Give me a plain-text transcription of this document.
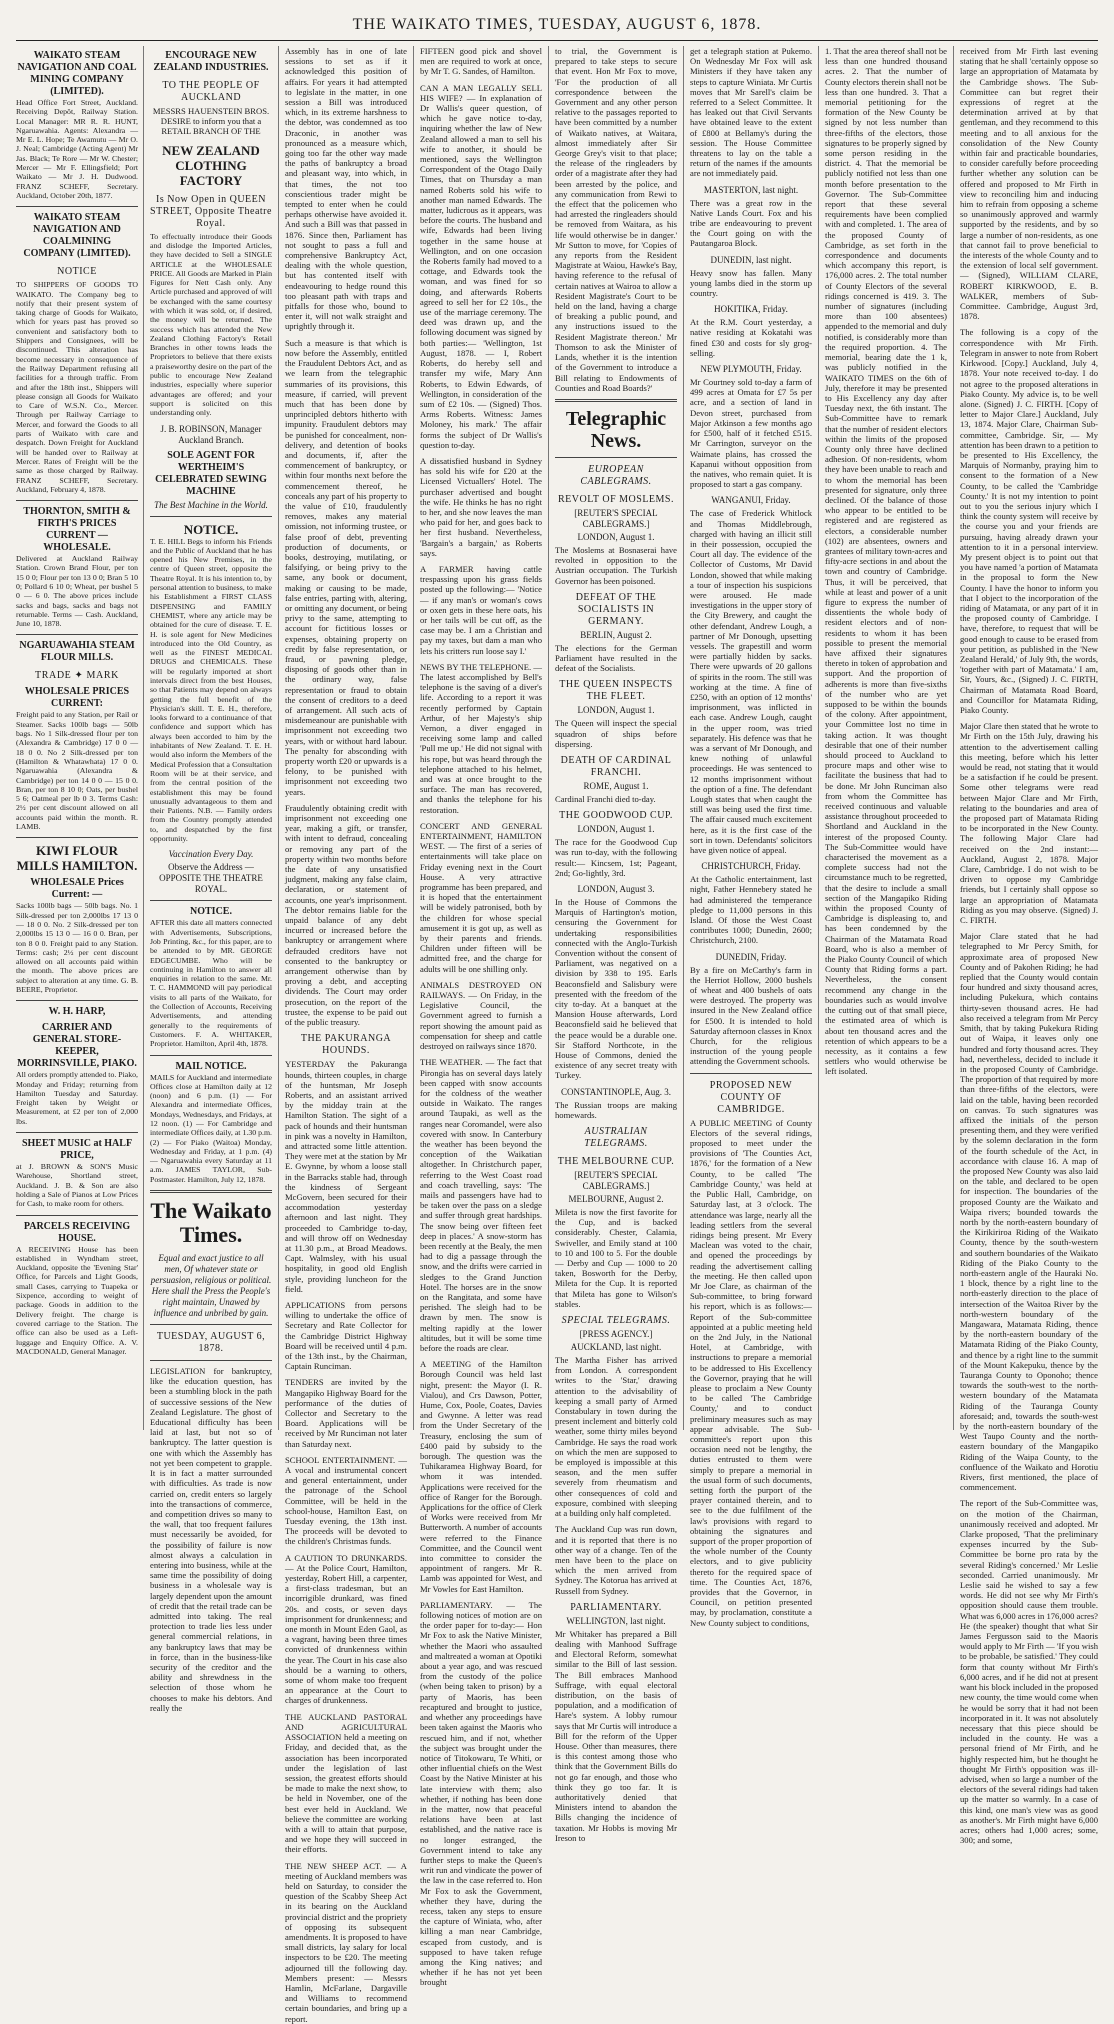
THE WAIKATO TIMES, TUESDAY, AUGUST 6, 1878.
WAIKATO STEAM NAVIGATION AND COAL MINING COMPANY (LIMITED).
Head Office Fort Street, Auckland. Receiving Depôt, Railway Station. Local Manager: MR R. R. HUNT, Ngaruawahia. Agents: Alexandra — Mr E. L. Hope; Te Awamutu — Mr O. J. Neal; Cambridge (Acting Agent) Mr Jas. Black; Te Rore — Mr W. Chester; Mercer — Mr F. Ellingsfield; Port Waikato — Mr J. H. Dudwood. FRANZ SCHEFF, Secretary. Auckland, October 20th, 1877.
WAIKATO STEAM NAVIGATION AND COALMINING COMPANY (LIMITED).
NOTICE
TO SHIPPERS OF GOODS TO WAIKATO. The Company beg to notify that their present system of taking charge of Goods for Waikato, which for years past has proved so convenient and satisfactory both to Shippers and Consignees, will be discontinued. This alteration has become necessary in consequence of the Railway Department refusing all facilities for a through traffic. From and after the 18th inst., Shippers will please consign all Goods for Waikato to Care of W.S.N. Co., Mercer. Through per Railway Carriage to Mercer, and forward the Goods to all parts of Waikato with care and despatch. Down Freight for Auckland will be handed over to Railway at Mercer. Rates of Freight will be the same as those charged by Railway. FRANZ SCHEFF, Secretary. Auckland, February 4, 1878.
THORNTON, SMITH & FIRTH'S PRICES CURRENT — WHOLESALE.
Delivered at Auckland Railway Station. Crown Brand Flour, per ton 15 0 0; Flour per ton 13 0 0; Bran 5 10 0; Pollard 6 10 0; Wheat, per bushel 5 0 — 6 0. The above prices include sacks and bags, sacks and bags not returnable. Terms — Cash. Auckland, June 10, 1878.
NGARUAWAHIA STEAM FLOUR MILLS.
TRADE ✦ MARK
WHOLESALE PRICES CURRENT:
Freight paid to any Station, per Rail or Steamer. Sacks 100lb bags — 50lb bags. No 1 Silk-dressed flour per ton (Alexandra & Cambridge) 17 0 0 — 18 0 0. No 2 Silk-dressed per ton (Hamilton & Whatawhata) 17 0 0. Ngaruawahia (Alexandra & Cambridge) per ton 14 0 0 — 15 0 0. Bran, per ton 8 10 0; Oats, per bushel 5 6; Oatmeal per lb 0 3. Terms Cash: 2½ per cent discount allowed on all accounts paid within the month. R. LAMB.
KIWI FLOUR MILLS HAMILTON.
WHOLESALE Prices Current: —
Sacks 100lb bags — 50lb bags. No. 1 Silk-dressed per ton 2,000lbs 17 13 0 — 18 0 0. No. 2 Silk-dressed per ton 2,000lbs 15 13 0 — 16 0 0. Bran, per ton 8 0 0. Freight paid to any Station. Terms: cash; 2½ per cent discount allowed on all accounts paid within the month. The above prices are subject to alteration at any time. G. B. BEERE, Proprietor.
W. H. HARP,
CARRIER AND GENERAL STORE-KEEPER, MORRINSVILLE, PIAKO.
All orders promptly attended to. Piako, Monday and Friday; returning from Hamilton Tuesday and Saturday. Freight taken by Weight or Measurement, at £2 per ton of 2,000 lbs.
SHEET MUSIC at HALF PRICE,
at J. BROWN & SON'S Music Warehouse, Shortland street, Auckland. J. B. & Son are also holding a Sale of Pianos at Low Prices for Cash, to make room for others.
PARCELS RECEIVING HOUSE.
A RECEIVING House has been established in Wyndham street, Auckland, opposite the 'Evening Star' Office, for Parcels and Light Goods, small Cases, carrying to Tuapeka or Sixpence, according to weight of package. Goods in addition to the Delivery freight. The charge is covered carriage to the Station. The office can also be used as a Left-luggage and Enquiry Office. A. V. MACDONALD, General Manager.
ENCOURAGE NEW ZEALAND INDUSTRIES.
TO THE PEOPLE OF AUCKLAND
MESSRS HAUENSTEIN BROS. DESIRE to inform you that a RETAIL BRANCH OF THE
NEW ZEALAND CLOTHING FACTORY
Is Now Open in QUEEN STREET, Opposite Theatre Royal.
To effectually introduce their Goods and dislodge the Imported Articles, they have decided to Sell a SINGLE ARTICLE at the WHOLESALE PRICE. All Goods are Marked in Plain Figures for Nett Cash only. Any Article purchased and approved of will be exchanged with the same courtesy with which it was sold, or, if desired, the money will be returned. The success which has attended the New Zealand Clothing Factory's Retail Branches in other towns leads the Proprietors to believe that there exists a praiseworthy desire on the part of the public to encourage New Zealand industries, especially where superior advantages are offered; and your support is solicited on this understanding only.
J. B. ROBINSON, Manager Auckland Branch.
SOLE AGENT FOR WERTHEIM'S CELEBRATED SEWING MACHINE
The Best Machine in the World.
NOTICE.
T. E. HILL Begs to inform his Friends and the Public of Auckland that he has opened his New Premises, in the centre of Queen street, opposite the Theatre Royal. It is his intention to, by personal attention to business, to make his Establishment a FIRST CLASS DISPENSING and FAMILY CHEMIST, where any article may be obtained for the cure of disease. T. E. H. is sole agent for New Medicines introduced into the Old Country, as well as the FINEST MEDICAL DRUGS and CHEMICALS. These will be regularly imported at short intervals direct from the best Houses, so that Patients may depend on always getting the full benefit of the Physician's skill. T. E. H., therefore, looks forward to a continuance of that confidence and support which has always been accorded to him by the inhabitants of New Zealand. T. E. H. would also inform the Members of the Medical Profession that a Consultation Room will be at their service, and from the central position of the establishment this may be found unusually advantageous to them and their Patients. N.B. — Family orders from the Country promptly attended to, and despatched by the first opportunity.
Vaccination Every Day.
Observe the Address — OPPOSITE THE THEATRE ROYAL.
NOTICE.
AFTER this date all matters connected with Advertisements, Subscriptions, Job Printing, &c., for this paper, are to be attended to by MR. GEORGE EDGECUMBE. Who will be continuing in Hamilton to answer all enquiries in relation to the same. Mr. T. C. HAMMOND will pay periodical visits to all parts of the Waikato, for the Collection of Accounts, Receiving Advertisements, and attending generally to the requirements of Customers. F. A. WHITAKER, Proprietor. Hamilton, April 4th, 1878.
MAIL NOTICE.
MAILS for Auckland and intermediate Offices close at Hamilton daily at 12 (noon) and 6 p.m. (1) — For Alexandra and intermediate Offices, Mondays, Wednesdays, and Fridays, at 12 noon. (1) — For Cambridge and intermediate Offices daily, at 1.30 p.m. (2) — For Piako (Waitoa) Monday, Wednesday and Friday, at 1 p.m. (4) — Ngaruawahia every Saturday at 11 a.m. JAMES TAYLOR, Sub-Postmaster. Hamilton, July 12, 1878.
The Waikato Times.
Equal and exact justice to all men, Of whatever state or persuasion, religious or political. Here shall the Press the People's right maintain, Unawed by influence and unbribed by gain.
TUESDAY, AUGUST 6, 1878.
LEGISLATION for bankruptcy, like the education question, has been a stumbling block in the path of successive sessions of the New Zealand Legislature. The ghost of Educational difficulty has been laid at last, but not so of bankruptcy. The latter question is one with which the Assembly has not yet been competent to grapple. It is in fact a matter surrounded with difficulties. As trade is now carried on, credit enters so largely into the transactions of commerce, and competition drives so many to the wall, that too frequent failures must necessarily be avoided, for the possibility of failure is now almost always a calculation in entering into business, while at the same time the possibility of doing business in a wholesale way is largely dependent upon the amount of credit that the retail trade can be admitted into taking. The real protection to trade lies less under general commercial relations, in any bankruptcy laws that may be in force, than in the business-like security of the creditor and the ability and shrewdness in the selection of those whom he chooses to make his debtors. And really the
Assembly has in one of late sessions to set as if it acknowledged this position of affairs. For years it had attempted to legislate in the matter, in one session a Bill was introduced which, in its extreme harshness to the debtor, was condemned as too Draconic, in another was pronounced as a measure which, going too far the other way made the paths of bankruptcy a broad and pleasant way, into which, in that times, the not too conscientious trader might be tempted to enter when he could perhaps otherwise have avoided it. And such a Bill was that passed in 1876. Since then, Parliament has not sought to pass a full and comprehensive Bankruptcy Act, dealing with the whole question, but has contented itself with endeavouring to hedge round this too pleasant path with traps and pitfalls for those who, bound to enter it, will not walk straight and uprightly through it.
Such a measure is that which is now before the Assembly, entitled the Fraudulent Debtors Act, and as we learn from the telegraphic summaries of its provisions, this measure, if carried, will prevent much that has been done by unprincipled debtors hitherto with impunity. Fraudulent debtors may be punished for concealment, non-delivery, and detention of books and documents, if, after the commencement of bankruptcy, or within four months next before the commencement thereof, he conceals any part of his property to the value of £10, fraudulently removes, makes any material omission, not informing trustee, or false proof of debt, preventing production of documents, or books, destroying, mutilating, or falsifying, or being privy to the same, any book or document, making or causing to be made, false entries, parting with, altering, or omitting any document, or being privy to the same, attempting to account for fictitious losses or expenses, obtaining property on credit by false representation, or fraud, or pawning pledge, disposing of goods other than in the ordinary way, false representation or fraud to obtain the consent of creditors to a deed of arrangement. All such acts of misdemeanour are punishable with imprisonment not exceeding two years, with or without hard labour. The penalty for absconding with property worth £20 or upwards is a felony, to be punished with imprisonment not exceeding two years.
Fraudulently obtaining credit with imprisonment not exceeding one year, making a gift, or transfer, with intent to defraud, concealing or removing any part of the property within two months before the date of any unsatisfied judgment, making any false claim, declaration, or statement of accounts, one year's imprisonment. The debtor remains liable for the unpaid balance of any debt incurred or increased before the bankruptcy or arrangement where defrauded creditors have not consented to the bankruptcy or arrangement otherwise than by proving a debt, and accepting dividends. The Court may order prosecution, on the report of the trustee, the expense to be paid out of the public treasury.
THE PAKURANGA HOUNDS.
YESTERDAY the Pakuranga hounds, thirteen couples, in charge of the huntsman, Mr Joseph Roberts, and an assistant arrived by the midday train at the Hamilton Station. The sight of a pack of hounds and their huntsman in pink was a novelty in Hamilton, and attracted some little attention. They were met at the station by Mr E. Gwynne, by whom a loose stall in the Barracks stable had, through the kindness of Sergeant McGovern, been secured for their accommodation yesterday afternoon and last night. They proceeded to Cambridge to-day, and will throw off on Wednesday at 11.30 p.m., at Broad Meadows. Capt. Walmsley, with his usual hospitality, in good old English style, providing luncheon for the field.
APPLICATIONS from persons willing to undertake the office of Secretary and Rate Collector for the Cambridge District Highway Board will be received until 4 p.m. of the 13th inst., by the Chairman, Captain Runciman.
TENDERS are invited by the Mangapiko Highway Board for the performance of the duties of Collector and Secretary to the Board. Applications will be received by Mr Runciman not later than Saturday next.
SCHOOL ENTERTAINMENT. — A vocal and instrumental concert and general entertainment, under the patronage of the School Committee, will be held in the school-house, Hamilton East, on Tuesday evening, the 13th inst. The proceeds will be devoted to the children's Christmas funds.
A CAUTION TO DRUNKARDS. — At the Police Court, Hamilton, yesterday, Robert Hill, a carpenter, a first-class tradesman, but an incorrigible drunkard, was fined 20s. and costs, or seven days imprisonment for drunkenness; and one month in Mount Eden Gaol, as a vagrant, having been three times convicted of drunkenness within the year. The Court in his case also should be a warning to others, some of whom make too frequent an appearance at the Court to charges of drunkenness.
THE AUCKLAND PASTORAL AND AGRICULTURAL ASSOCIATION held a meeting on Friday, and decided that, as the association has been incorporated under the legislation of last session, the greatest efforts should be made to make the next show, to be held in November, one of the best ever held in Auckland. We believe the committee are working with a will to attain that purpose, and we hope they will succeed in their efforts.
THE NEW SHEEP ACT. — A meeting of Auckland members was held on Saturday, to consider the question of the Scabby Sheep Act in its bearing on the Auckland provincial district and the propriety of opposing its subsequent amendments. It is proposed to have small districts, lay salary for local inspectors to be £20. The meeting adjourned till the following day. Members present: — Messrs Hamlin, McFarlane, Dargaville and Williams to recommend certain boundaries, and bring up a report.
FIFTEEN good pick and shovel men are required to work at once, by Mr T. G. Sandes, of Hamilton.
CAN A MAN LEGALLY SELL HIS WIFE? — In explanation of Dr Wallis's queer question, of which he gave notice to-day, inquiring whether the law of New Zealand allowed a man to sell his wife to another, it should be mentioned, says the Wellington Correspondent of the Otago Daily Times, that on Thursday a man named Roberts sold his wife to another man named Edwards. The matter, ludicrous as it appears, was before the courts. The husband and wife, Edwards had been living together in the same house at Wellington, and on one occasion the Roberts family had moved to a cottage, and Edwards took the woman, and was fined for so doing, and afterwards Roberts agreed to sell her for £2 10s., the use of the marriage ceremony. The deed was drawn up, and the following document was signed by both parties:— 'Wellington, 1st August, 1878. — I, Robert Roberts, do hereby sell and transfer my wife, Mary Ann Roberts, to Edwin Edwards, of Wellington, in consideration of the sum of £2 10s. — (Signed) Thos. Arms Roberts. Witness: James Moloney, his mark.' The affair forms the subject of Dr Wallis's question to-day.
A dissatisfied husband in Sydney has sold his wife for £20 at the Licensed Victuallers' Hotel. The purchaser advertised and bought the wife. He thinks he has no right to her, and she now leaves the man who paid for her, and goes back to her first husband. Nevertheless, 'Bargain's a bargain,' as Roberts says.
A FARMER having cattle trespassing upon his grass fields posted up the following:— 'Notice — if any man's or woman's cows or oxen gets in these here oats, his or her tails will be cut off, as the case may be. I am a Christian and pay my taxes, but dam a man who lets his critters run loose say I.'
NEWS BY THE TELEPHONE. — The latest accomplished by Bell's telephone is the saving of a diver's life. According to a report it was recently performed by Captain Arthur, of her Majesty's ship Vernon, a diver engaged in receiving some lamp and called 'Pull me up.' He did not signal with his rope, but was heard through the telephone attached to his helmet, and was at once brought to the surface. The man has recovered, and thanks the telephone for his restoration.
CONCERT AND GENERAL ENTERTAINMENT, HAMILTON WEST. — The first of a series of entertainments will take place on Friday evening next in the Court House. A very attractive programme has been prepared, and it is hoped that the entertainment will be widely patronised, both by the children for whose special amusement it is got up, as well as by their parents and friends. Children under fifteen will be admitted free, and the charge for adults will be one shilling only.
ANIMALS DESTROYED ON RAILWAYS. — On Friday, in the Legislative Council, the Government agreed to furnish a report showing the amount paid as compensation for sheep and cattle destroyed on railways since 1870.
THE WEATHER. — The fact that Pirongia has on several days lately been capped with snow accounts for the coldness of the weather outside in Waikato. The ranges around Taupaki, as well as the ranges near Coromandel, were also covered with snow. In Canterbury the weather has been beyond the conception of the Waikatian altogether. In Christchurch paper, referring to the West Coast road and coach travelling, says: 'The mails and passengers have had to be taken over the pass on a sledge and suffer through great hardships. The snow being over fifteen feet deep in places.' A snow-storm has been recently at the Bealy, the men had to dig a passage through the snow, and the drifts were carried in sledges to the Grand Junction Hotel. The horses are in the snow on the Rangitata, and some have perished. The sleigh had to be drawn by men. The snow is melting rapidly at the lower altitudes, but it will be some time before the roads are clear.
A MEETING of the Hamilton Borough Council was held last night, present: the Mayor (I. R. Vialou), and Crs Dawson, Potter, Hume, Cox, Poole, Coates, Davies and Gwynne. A letter was read from the Under Secretary of the Treasury, enclosing the sum of £400 paid by subsidy to the borough. The question was the Tuhikaramea Highway Board, for whom it was intended. Applications were received for the office of Ranger for the Borough. Applications for the office of Clerk of Works were received from Mr Butterworth. A number of accounts were referred to the Finance Committee, and the Council went into committee to consider the appointment of rangers. Mr R. Lamb was appointed for West, and Mr Vowles for East Hamilton.
PARLIAMENTARY. — The following notices of motion are on the order paper for to-day:— Hon Mr Fox to ask the Native Minister, whether the Maori who assaulted and maltreated a woman at Opotiki about a year ago, and was rescued from the custody of the police (when being taken to prison) by a party of Maoris, has been recaptured and brought to justice, and whether any proceedings have been taken against the Maoris who rescued him, and if not, whether the subject was brought under the notice of Titokowaru, Te Whiti, or other influential chiefs on the West Coast by the Native Minister at his late interview with them; also whether, if nothing has been done in the matter, now that peaceful relations have been at last established, and the native race is no longer estranged, the Government intend to take any further steps to make the Queen's writ run and vindicate the power of the law in the case referred to. Hon Mr Fox to ask the Government, whether they have, during the recess, taken any steps to ensure the capture of Winiata, who, after killing a man near Cambridge, escaped from custody, and is supposed to have taken refuge among the King natives; and whether if he has not yet been brought
to trial, the Government is prepared to take steps to secure that event. Hon Mr Fox to move, 'For the production of all correspondence between the Government and any other person relative to the passages reported to have been committed by a number of Waikato natives, at Waitara, almost immediately after Sir George Grey's visit to that place; the release of the ringleaders by order of a magistrate after they had been arrested by the police, and any communication from Rewi to the effect that the policemen who had arrested the ringleaders should be removed from Waitara, as his life would otherwise be in danger.' Mr Sutton to move, for 'Copies of any reports from the Resident Magistrate at Waiou, Hawke's Bay, having reference to the refusal of certain natives at Wairoa to allow a Resident Magistrate's Court to be held on the land, having a charge of breaking a public pound, and any instructions issued to the Resident Magistrate thereon.' Mr Thomson to ask the Minister of Lands, whether it is the intention of the Government to introduce a Bill relating to Endowments of Counties and Road Boards?'
Telegraphic News.
EUROPEAN CABLEGRAMS.
REVOLT OF MOSLEMS.
[REUTER'S SPECIAL CABLEGRAMS.]
LONDON, August 1.
The Moslems at Bosnaserai have revolted in opposition to the Austrian occupation. The Turkish Governor has been poisoned.
DEFEAT OF THE SOCIALISTS IN GERMANY.
BERLIN, August 2.
The elections for the German Parliament have resulted in the defeat of the Socialists.
THE QUEEN INSPECTS THE FLEET.
LONDON, August 1.
The Queen will inspect the special squadron of ships before dispersing.
DEATH OF CARDINAL FRANCHI.
ROME, August 1.
Cardinal Franchi died to-day.
THE GOODWOOD CUP.
LONDON, August 1.
The race for the Goodwood Cup was run to-day, with the following result:— Kincsem, 1st; Pageant, 2nd; Go-lightly, 3rd.
LONDON, August 3.
In the House of Commons the Marquis of Hartington's motion, censuring the Government for undertaking responsibilities connected with the Anglo-Turkish Convention without the consent of Parliament, was negatived on a division by 338 to 195. Earls Beaconsfield and Salisbury were presented with the freedom of the city to-day. At a banquet at the Mansion House afterwards, Lord Beaconsfield said he believed that the peace would be a durable one. Sir Stafford Northcote, in the House of Commons, denied the existence of any secret treaty with Turkey.
CONSTANTINOPLE, Aug. 3.
The Russian troops are making homewards.
AUSTRALIAN TELEGRAMS.
THE MELBOURNE CUP.
[REUTER'S SPECIAL CABLEGRAMS.]
MELBOURNE, August 2.
Mileta is now the first favorite for the Cup, and is backed considerably. Chester, Calamia, Swiveller, and Emily stand at 100 to 10 and 100 to 5. For the double — Derby and Cup — 1000 to 20 taken, Bosworth for the Derby, Mileta for the Cup. It is reported that Mileta has gone to Wilson's stables.
SPECIAL TELEGRAMS.
[PRESS AGENCY.]
AUCKLAND, last night.
The Martha Fisher has arrived from London. A correspondent writes to the 'Star,' drawing attention to the advisability of keeping a small party of Armed Constabulary in town during the present inclement and bitterly cold weather, some thirty miles beyond Cambridge. He says the road work on which the men are supposed to be employed is impossible at this season, and the men suffer severely from rheumatism and other consequences of cold and exposure, combined with sleeping at a building only half completed.
The Auckland Cup was run down, and it is reported that there is no other way of a change. Ten of the men have been to the place on which the men arrived from Sydney. The Kotorua has arrived at Russell from Sydney.
PARLIAMENTARY.
WELLINGTON, last night.
Mr Whitaker has prepared a Bill dealing with Manhood Suffrage and Electoral Reform, somewhat similar to the Bill of last session. The Bill embraces Manhood Suffrage, with equal electoral distribution, on the basis of population, and a modification of Hare's system. A lobby rumour says that Mr Curtis will introduce a Bill for the reform of the Upper House. Other than measures, there is this contest among those who think that the Government Bills do not go far enough, and those who think they go too far. It is authoritatively denied that Ministers intend to abandon the Bills changing the incidence of taxation. Mr Hobbs is moving Mr Ireson to
get a telegraph station at Pukemo. On Wednesday Mr Fox will ask Ministers if they have taken any steps to capture Winiata. Mr Curtis moves that Mr Sarell's claim be referred to a Select Committee. It has leaked out that Civil Servants have obtained leave to the extent of £800 at Bellamy's during the session. The House Committee threatens to lay on the table a return of the names if the amounts are not immediately paid.
MASTERTON, last night.
There was a great row in the Native Lands Court. Fox and his tribe are endeavouring to prevent the Court going on with the Pautangaroa Block.
DUNEDIN, last night.
Heavy snow has fallen. Many young lambs died in the storm up country.
HOKITIKA, Friday.
At the R.M. Court yesterday, a native residing at Kokatahi was fined £30 and costs for sly grog-selling.
NEW PLYMOUTH, Friday.
Mr Courtney sold to-day a farm of 499 acres at Omata for £7 5s per acre, and a section of land in Devon street, purchased from Major Atkinson a few months ago for £500, half of it fetched £515. Mr Carrington, surveyor on the Waimate plains, has crossed the Kapanui without opposition from the natives, who remain quiet. It is proposed to start a gas company.
WANGANUI, Friday.
The case of Frederick Whitlock and Thomas Middlebrough, charged with having an illicit still in their possession, occupied the Court all day. The evidence of the Collector of Customs, Mr David London, showed that while making a tour of inspection his suspicions were aroused. He made investigations in the upper story of the City Brewery, and caught the other defendant, Andrew Lough, a partner of Mr Donough, upsetting vessels. The grapestill and worm were partially hidden by sacks. There were upwards of 20 gallons of spirits in the room. The still was working at the time. A fine of £250, with an option of 12 months' imprisonment, was inflicted in each case. Andrew Lough, caught in the upper room, was tried separately. His defence was that he was a servant of Mr Donough, and knew nothing of unlawful proceedings. He was sentenced to 12 months imprisonment without the option of a fine. The defendant Lough states that when caught the still was being used the first time. The affair caused much excitement here, as it is the first case of the sort in town. Defendants' solicitors have given notice of appeal.
CHRISTCHURCH, Friday.
At the Catholic entertainment, last night, Father Hennebery stated he had administered the temperance pledge to 11,000 persons in this Island. Of those the West Coast contributes 1000; Dunedin, 2600; Christchurch, 2100.
DUNEDIN, Friday.
By a fire on McCarthy's farm in the Herriot Hollow, 2000 bushels of wheat and 400 bushels of oats were destroyed. The property was insured in the New Zealand office for £500. It is intended to hold Saturday afternoon classes in Knox Church, for the religious instruction of the young people attending the Government schools.
PROPOSED NEW COUNTY OF CAMBRIDGE.
A PUBLIC MEETING of County Electors of the several ridings, proposed to meet under the provisions of 'The Counties Act, 1876,' for the formation of a New County, to be called 'The Cambridge County,' was held at the Public Hall, Cambridge, on Saturday last, at 3 o'clock. The attendance was large, nearly all the leading settlers from the several ridings being present. Mr Every Maclean was voted to the chair, and opened the proceedings by reading the advertisement calling the meeting. He then called upon Mr Joe Clare, as chairman of the Sub-committee, to bring forward his report, which is as follows:— Report of the Sub-committee appointed at a public meeting held on the 2nd July, in the National Hotel, at Cambridge, with instructions to prepare a memorial to be addressed to His Excellency the Governor, praying that he will please to proclaim a New County to be called 'The Cambridge County,' and to conduct preliminary measures such as may appear advisable. The Sub-committee's report upon this occasion need not be lengthy, the duties entrusted to them were simply to prepare a memorial in the usual form of such documents, setting forth the purport of the prayer contained therein, and to see to the due fulfilment of the law's provisions with regard to obtaining the signatures and support of the proper proportion of the whole number of the County electors, and to give publicity thereto for the required space of time. The Counties Act, 1876, provides that the Governor, in Council, on petition presented may, by proclamation, constitute a New County subject to conditions,
1. That the area thereof shall not be less than one hundred thousand acres. 2. That the number of County electors therein shall not be less than one hundred. 3. That a memorial petitioning for the formation of the New County be signed by not less number than three-fifths of the electors, those signatures to be properly signed by some person residing in the district. 4. That the memorial be publicly notified not less than one month before presentation to the Governor. The Sub-Committee report that these several requirements have been complied with and completed. 1. The area of the proposed County of Cambridge, as set forth in the correspondence and documents which accompany this report, is 176,000 acres. 2. The total number of County Electors of the several ridings concerned is 419. 3. The number of signatures (including more than 100 absentees) appended to the memorial and duly notified, is considerably more than the required proportion. 4. The memorial, bearing date the 1 k, was publicly notified in the WAIKATO TIMES on the 6th of July, therefore it may be presented to His Excellency any day after Tuesday next, the 6th instant. The Sub-Committee have to remark that the number of resident electors within the limits of the proposed County only three have declined adhesion. Of non-residents, whom they have been unable to reach and to whom the memorial has been presented for signature, only three declined. Of the balance of those who appear to be entitled to be registered and are registered as electors, a considerable number (102) are absentees, owners and grantees of military town-acres and fifty-acre sections in and about the town and country of Cambridge. Thus, it will be perceived, that while at least and power of a unit figure to express the number of dissentients the whole body of resident electors and of non-residents to whom it has been possible to present the memorial have affixed their signatures thereto in token of approbation and support. And the proportion of adherents is more than five-sixths of the number who are yet supposed to be within the bounds of the colony. After appointment, your Committee lost no time in taking action. It was thought desirable that one of their number should proceed to Auckland to procure maps and other wise to facilitate the business that had to be done. Mr John Runciman also from whom the Committee has received continuous and valuable assistance throughout proceeded to Shortland and Auckland in the interest of the proposed County. The Sub-Committee would have characterised the movement as a complete success had not the circumstance much to be regretted, that the desire to include a small section of the Mangapiko Riding within the proposed County of Cambridge is displeasing to, and has been condemned by the Chairman of the Matamata Road Board, who is also a member of the Piako County Council of which County that Riding forms a part. Nevertheless, the consent recommend any change in the boundaries such as would involve the cutting out of that small piece, the estimated area of which is about ten thousand acres and the retention of which appears to be a necessity, as it contains a few settlers who would otherwise be left isolated.
received from Mr Firth last evening stating that he shall 'certainly oppose so large an appropriation of Matamata by the Cambridge shows. The Sub-Committee can but regret their expressions of regret at the determination arrived at by that gentleman, and they recommend to this meeting and to all anxious for the consolidation of the New County within fair and practicable boundaries, to consider carefully before proceeding further whether any solution can be offered and proposed to Mr Firth in view to reconciling him and inducing him to refrain from opposing a scheme so unanimously approved and warmly supported by the residents, and by so large a number of non-residents, as one that cannot fail to prove beneficial to the interests of the whole County and to the extension of local self government. — (Signed), WILLIAM CLARE, ROBERT KIRKWOOD, E. B. WALKER, members of Sub-Committee. Cambridge, August 3rd, 1878.
The following is a copy of the correspondence with Mr Firth. Telegram in answer to note from Robert Kirkwood. [Copy.] Auckland, July 4, 1878. Your note received to-day. I do not agree to the proposed alterations in Piako County. My advice is, to be well alone. (Signed) J. C. FIRTH. [Copy of letter to Major Clare.] Auckland, July 13, 1874. Major Clare, Chairman Sub-committee, Cambridge. Sir, — My attention has been drawn to a petition to be presented to His Excellency, the Marquis of Normanby, praying him to consent to the formation of a New County, to be called the 'Cambridge County.' It is not my intention to point out to you the serious injury which I think the county system will receive by the course you and your friends are pursuing, having already drawn your attention to it in a personal interview. My present object is to point out that you have named 'a portion of Matamata in the proposal to form the New County. I have the honor to inform you that I object to the incorporation of the riding of Matamata, or any part of it in the proposed county of Cambridge. I have, therefore, to request that will be good enough to cause to be erased from your petition, as published in the 'New Zealand Herald,' of July 9th, the words, 'together with part of Matamata.' I am, Sir, Yours, &c., (Signed) J. C. FIRTH, Chairman of Matamata Road Board, and Councillor for Matamata Riding, Piako County.
Major Clare then stated that he wrote to Mr Firth on the 15th July, drawing his attention to the advertisement calling this meeting, before which his letter would be read, not stating that it would be a satisfaction if he could be present. Some other telegrams were read between Major Clare and Mr Firth, relating to the boundaries and area of the proposed part of Matamata Riding to be incorporated in the New County. The following Major Clare had received on the 2nd instant:— Auckland, August 2, 1878. Major Clare, Cambridge. I do not wish to be driven to oppose my Cambridge friends, but I certainly shall oppose so large an appropriation of Matamata Riding as you may observe. (Signed) J. C. FIRTH.
Major Clare stated that he had telegraphed to Mr Percy Smith, for approximate area of proposed New County and of Pakohen Riding; he had replied that the County would contain four hundred and sixty thousand acres, including Pukekura, which contains thirty-seven thousand acres. He had also received a telegram from Mr Percy Smith, that by taking Pukekura Riding out of Waipa, it leaves only one hundred and forty thousand acres. They had, nevertheless, decided to include it in the proposed County of Cambridge. The proportion of that required by more than three-fifths of the electors, were laid on the table, having been recorded on canvas. To such signatures was affixed the initials of the person presenting them, and they were verified by the solemn declaration in the form of the fourth schedule of the Act, in accordance with clause 16. A map of the proposed New County was also laid on the table, and declared to be open for inspection. The boundaries of the proposed County are the Waikato and Waipa rivers; bounded towards the north by the north-eastern boundary of the Kirikiriroa Riding of the Waikato County, thence by the south-western and southern boundaries of the Waikato Riding of the Piako County to the north-eastern angle of the Hauraki No. 1 block, thence by a right line to the north-easterly direction to the place of intersection of the Waitoa River by the north-western boundary of the Mangawara, Matamata Riding, thence by the north-eastern boundary of the Matamata Riding of the Piako County, and thence by a right line to the summit of the Mount Kakepuku, thence by the Tauranga County to Oponoho; thence towards the south-west to the north-western boundary of the Matamata Riding of the Tauranga County aforesaid; and, towards the south-west by the north-eastern boundary of the West Taupo County and the north-eastern boundary of the Mangapiko Riding of the Waipa County, to the confluence of the Waikato and Horotiu Rivers, first mentioned, the place of commencement.
The report of the Sub-Committee was, on the motion of the Chairman, unanimously received and adopted. Mr Clarke proposed, 'That the preliminary expenses incurred by the Sub-Committee be borne pro rata by the several Riding's concerned.' Mr Leslie seconded. Carried unanimously. Mr Leslie said he wished to say a few words. He did not see why Mr Firth's opposition should cause them trouble. What was 6,000 acres in 176,000 acres? He (the speaker) thought that what Sir James Fergusson said to the Maoris would apply to Mr Firth — 'If you wish to be probable, be satisfied.' They could form that county without Mr Firth's 6,000 acres, and if he did not at present want his block included in the proposed new county, the time would come when he would be sorry that it had not been incorporated in it. It was not absolutely necessary that this piece should be included in the county. He was a personal friend of Mr Firth, and he highly respected him, but he thought he thought Mr Firth's opposition was ill-advised, when so large a number of the electors of the several ridings had taken up the matter so warmly. In a case of this kind, one man's view was as good as another's. Mr Firth might have 6,000 acres; others had 1,000 acres; some, 300; and some,
